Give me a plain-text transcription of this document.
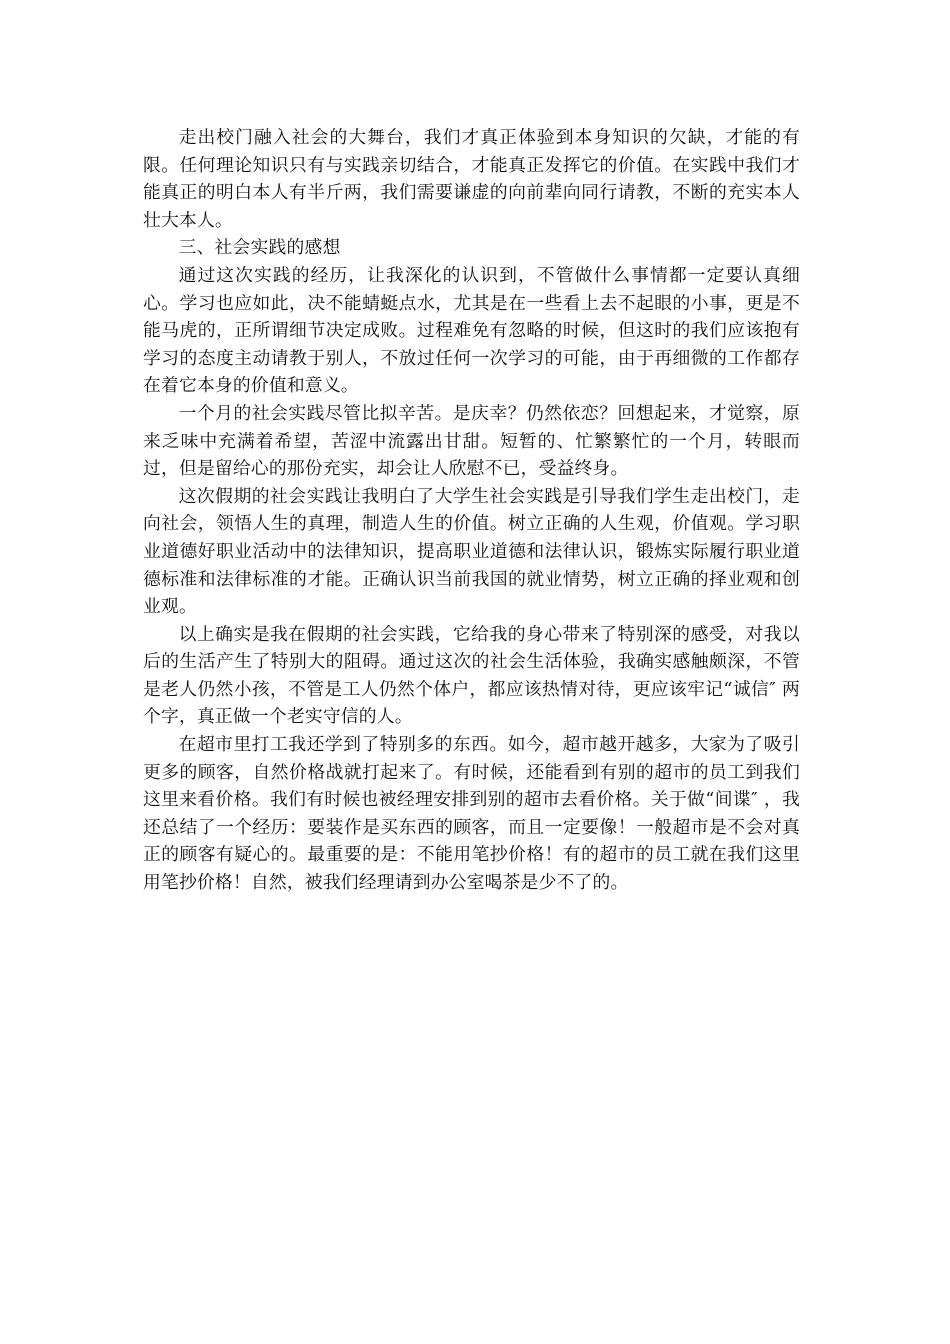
走出校门融入社会的大舞台，我们才真正体验到本身知识的欠缺，才能的有限。任何理论知识只有与实践亲切结合，才能真正发挥它的价值。在实践中我们才能真正的明白本人有半斤两，我们需要谦虚的向前辈向同行请教，不断的充实本人壮大本人。

三、社会实践的感想

通过这次实践的经历，让我深化的认识到，不管做什么事情都一定要认真细心。学习也应如此，决不能蜻蜓点水，尤其是在一些看上去不起眼的小事，更是不能马虎的，正所谓细节决定成败。过程难免有忽略的时候，但这时的我们应该抱有学习的态度主动请教于别人，不放过任何一次学习的可能，由于再细微的工作都存在着它本身的价值和意义。

一个月的社会实践尽管比拟辛苦。是庆幸？仍然依恋？回想起来，才觉察，原来乏味中充满着希望，苦涩中流露出甘甜。短暂的、忙繁繁忙的一个月，转眼而过，但是留给心的那份充实，却会让人欣慰不已，受益终身。

这次假期的社会实践让我明白了大学生社会实践是引导我们学生走出校门，走向社会，领悟人生的真理，制造人生的价值。树立正确的人生观，价值观。学习职业道德好职业活动中的法律知识，提高职业道德和法律认识，锻炼实际履行职业道德标准和法律标准的才能。正确认识当前我国的就业情势，树立正确的择业观和创业观。

以上确实是我在假期的社会实践，它给我的身心带来了特别深的感受，对我以后的生活产生了特别大的阻碍。通过这次的社会生活体验，我确实感触颇深，不管是老人仍然小孩，不管是工人仍然个体户，都应该热情对待，更应该牢记“诚信″ 两个字，真正做一个老实守信的人。

在超市里打工我还学到了特别多的东西。如今，超市越开越多，大家为了吸引更多的顾客，自然价格战就打起来了。有时候，还能看到有别的超市的员工到我们这里来看价格。我们有时候也被经理安排到别的超市去看价格。关于做“间谍″ ，我还总结了一个经历：要装作是买东西的顾客，而且一定要像！一般超市是不会对真正的顾客有疑心的。最重要的是：不能用笔抄价格！有的超市的员工就在我们这里用笔抄价格！自然，被我们经理请到办公室喝茶是少不了的。
